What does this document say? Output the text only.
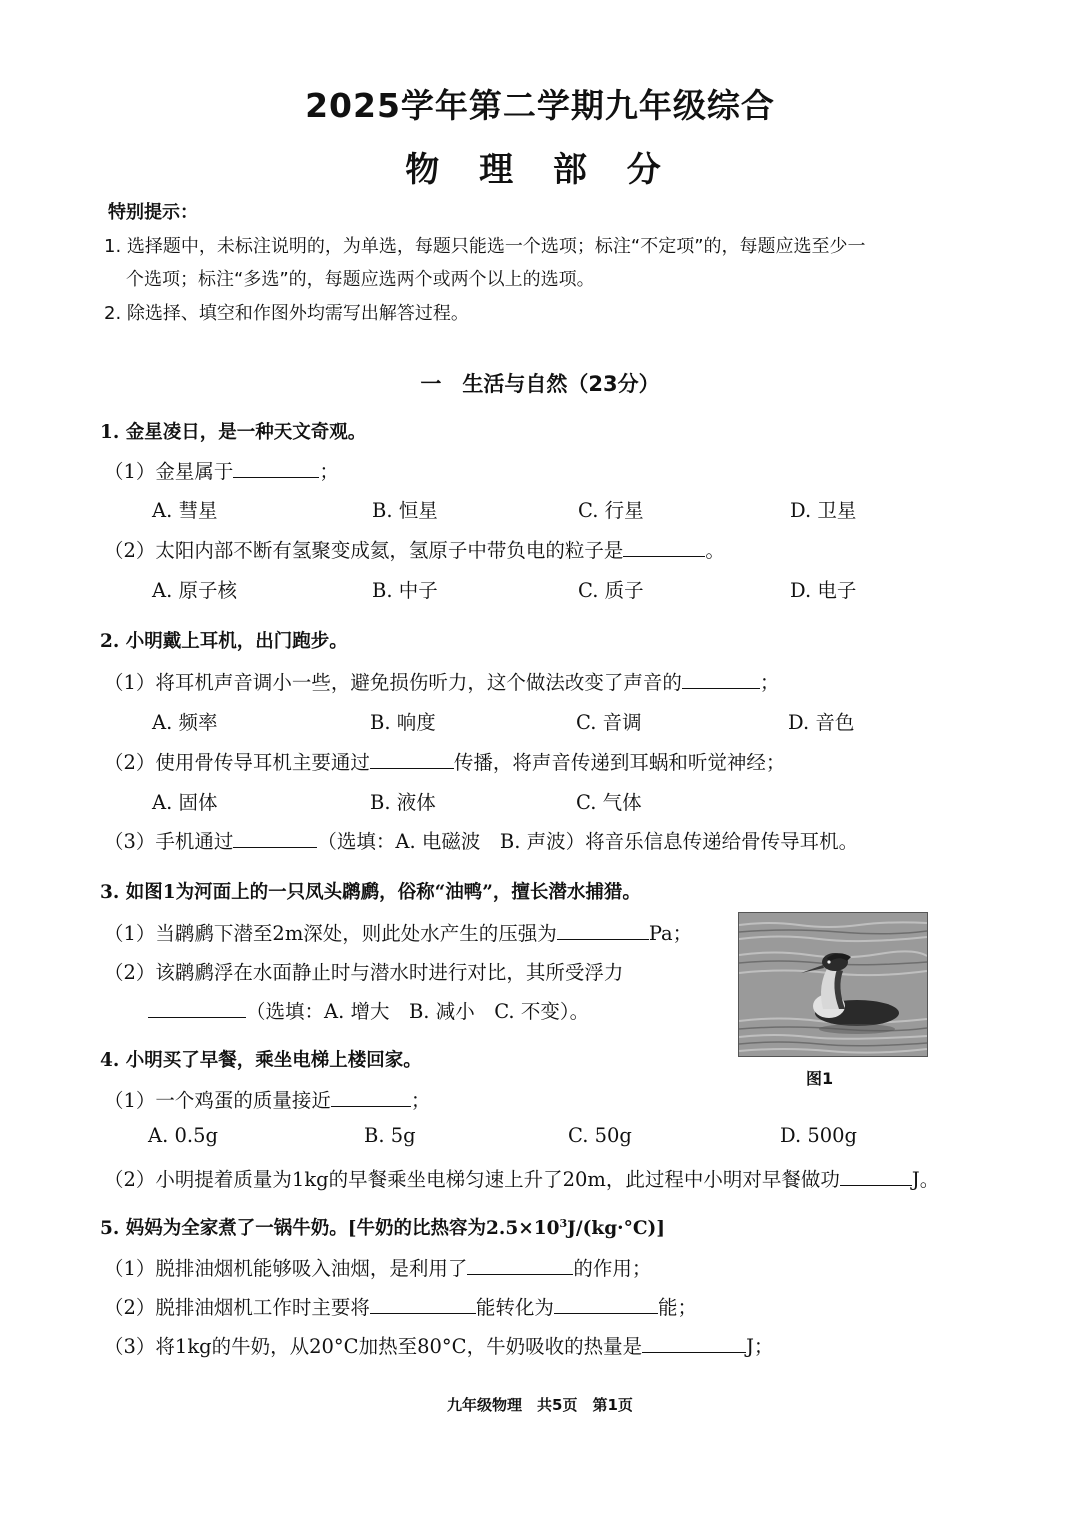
2025学年第二学期九年级综合
物 理 部 分
特别提示：
1. 选择题中，未标注说明的，为单选，每题只能选一个选项；标注“不定项”的，每题应选至少一
个选项；标注“多选”的，每题应选两个或两个以上的选项。
2. 除选择、填空和作图外均需写出解答过程。
一　生活与自然（23分）
1. 金星凌日，是一种天文奇观。
（1）金星属于	；
A. 彗星	B. 恒星	C. 行星	D. 卫星
（2）太阳内部不断有氢聚变成氦，氢原子中带负电的粒子是	。
A. 原子核	B. 中子	C. 质子	D. 电子
2. 小明戴上耳机，出门跑步。
（1）将耳机声音调小一些，避免损伤听力，这个做法改变了声音的	；
A. 频率	B. 响度	C. 音调	D. 音色
（2）使用骨传导耳机主要通过	传播，将声音传递到耳蜗和听觉神经；
A. 固体	B. 液体	C. 气体
（3）手机通过	（选填：A. 电磁波　B. 声波）将音乐信息传递给骨传导耳机。
3. 如图1为河面上的一只凤头䴙䴘，俗称“油鸭”，擅长潜水捕猎。
（1）当䴙䴘下潜至2m深处，则此处水产生的压强为	Pa；
（2）该䴙䴘浮在水面静止时与潜水时进行对比，其所受浮力
（选填：A. 增大　B. 减小　C. 不变）。
图1
4. 小明买了早餐，乘坐电梯上楼回家。
（1）一个鸡蛋的质量接近	；
A. 0.5g	B. 5g	C. 50g	D. 500g
（2）小明提着质量为1kg的早餐乘坐电梯匀速上升了20m，此过程中小明对早餐做功	J。
5. 妈妈为全家煮了一锅牛奶。[牛奶的比热容为$2.5\times 10^3J/(kg\cdot^\circ C)$]
（1）脱排油烟机能够吸入油烟，是利用了	的作用；
（2）脱排油烟机工作时主要将	能转化为	能；
（3）将1kg的牛奶，从20°C加热至80°C，牛奶吸收的热量是	J；
九年级物理　共5页　第1页
